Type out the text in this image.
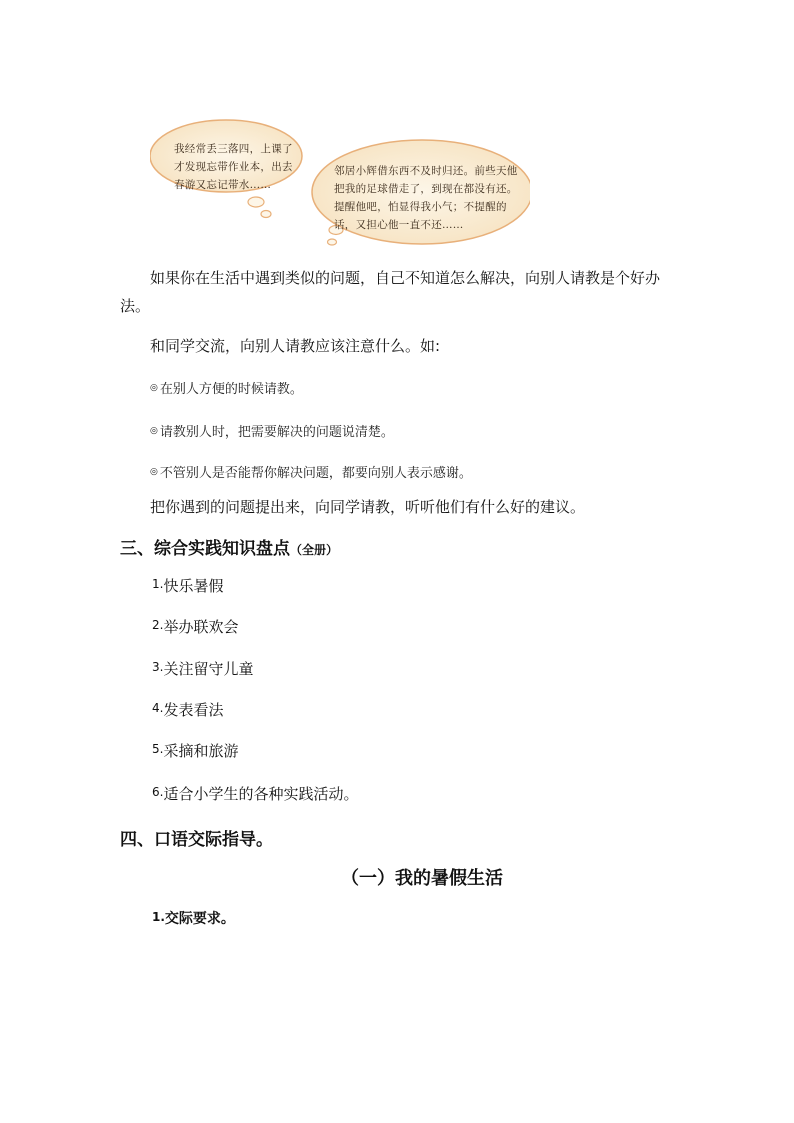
我经常丢三落四，上课了才发现忘带作业本，出去春游又忘记带水……
邻居小辉借东西不及时归还。前些天他把我的足球借走了，到现在都没有还。提醒他吧，怕显得我小气；不提醒的话，又担心他一直不还……
如果你在生活中遇到类似的问题，自己不知道怎么解决，向别人请教是个好办法。
和同学交流，向别人请教应该注意什么。如:
◎ 在别人方便的时候请教。
◎ 请教别人时，把需要解决的问题说清楚。
◎ 不管别人是否能帮你解决问题，都要向别人表示感谢。
把你遇到的问题提出来，向同学请教，听听他们有什么好的建议。
三、综合实践知识盘点（全册）
$^{1.}$快乐暑假
$^{2.}$举办联欢会
$^{3.}$关注留守儿童
$^{4.}$发表看法
$^{5.}$采摘和旅游
$^{6.}$适合小学生的各种实践活动。
四、口语交际指导。
（一）我的暑假生活
1.交际要求。
